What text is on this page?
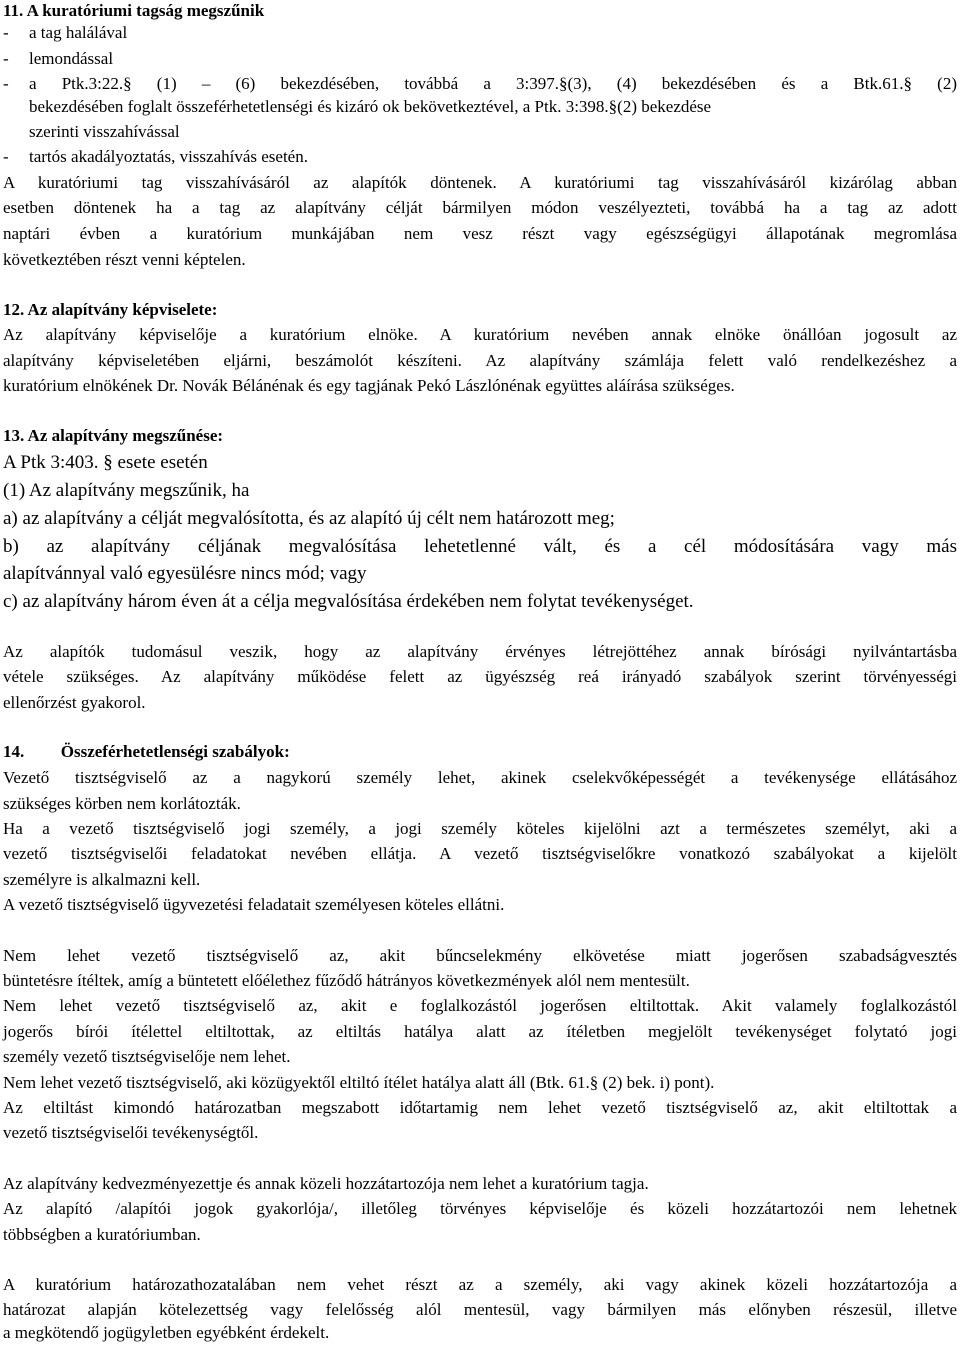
11. A kuratóriumi tagság megszűnik
- a tag halálával
- lemondással
- a Ptk.3:22.§ (1) – (6) bekezdésében, továbbá a 3:397.§(3), (4) bekezdésében és a Btk.61.§ (2)
bekezdésében foglalt összeférhetetlenségi és kizáró ok bekövetkeztével, a Ptk. 3:398.§(2) bekezdése
szerinti visszahívással
- tartós akadályoztatás, visszahívás esetén.
A kuratóriumi tag visszahívásáról az alapítók döntenek. A kuratóriumi tag visszahívásáról kizárólag abban
esetben döntenek ha a tag az alapítvány célját bármilyen módon veszélyezteti, továbbá ha a tag az adott
naptári évben a kuratórium munkájában nem vesz részt vagy egészségügyi állapotának megromlása
következtében részt venni képtelen.
12. Az alapítvány képviselete:
Az alapítvány képviselője a kuratórium elnöke. A kuratórium nevében annak elnöke önállóan jogosult az
alapítvány képviseletében eljárni, beszámolót készíteni. Az alapítvány számlája felett való rendelkezéshez a
kuratórium elnökének Dr. Novák Bélánénak és egy tagjának Pekó Lászlónénak együttes aláírása szükséges.
13. Az alapítvány megszűnése:
A Ptk 3:403. § esete esetén
(1) Az alapítvány megszűnik, ha
a) az alapítvány a célját megvalósította, és az alapító új célt nem határozott meg;
b) az alapítvány céljának megvalósítása lehetetlenné vált, és a cél módosítására vagy más
alapítvánnyal való egyesülésre nincs mód; vagy
c) az alapítvány három éven át a célja megvalósítása érdekében nem folytat tevékenységet.
Az alapítók tudomásul veszik, hogy az alapítvány érvényes létrejöttéhez annak bírósági nyilvántartásba
vétele szükséges. Az alapítvány működése felett az ügyészség reá irányadó szabályok szerint törvényességi
ellenőrzést gyakorol.
14. Összeférhetetlenségi szabályok:
Vezető tisztségviselő az a nagykorú személy lehet, akinek cselekvőképességét a tevékenysége ellátásához
szükséges körben nem korlátozták.
Ha a vezető tisztségviselő jogi személy, a jogi személy köteles kijelölni azt a természetes személyt, aki a
vezető tisztségviselői feladatokat nevében ellátja. A vezető tisztségviselőkre vonatkozó szabályokat a kijelölt
személyre is alkalmazni kell.
A vezető tisztségviselő ügyvezetési feladatait személyesen köteles ellátni.
Nem lehet vezető tisztségviselő az, akit bűncselekmény elkövetése miatt jogerősen szabadságvesztés
büntetésre ítéltek, amíg a büntetett előélethez fűződő hátrányos következmények alól nem mentesült.
Nem lehet vezető tisztségviselő az, akit e foglalkozástól jogerősen eltiltottak. Akit valamely foglalkozástól
jogerős bírói ítélettel eltiltottak, az eltiltás hatálya alatt az ítéletben megjelölt tevékenységet folytató jogi
személy vezető tisztségviselője nem lehet.
Nem lehet vezető tisztségviselő, aki közügyektől eltiltó ítélet hatálya alatt áll (Btk. 61.§ (2) bek. i) pont).
Az eltiltást kimondó határozatban megszabott időtartamig nem lehet vezető tisztségviselő az, akit eltiltottak a
vezető tisztségviselői tevékenységtől.
Az alapítvány kedvezményezettje és annak közeli hozzátartozója nem lehet a kuratórium tagja.
Az alapító /alapítói jogok gyakorlója/, illetőleg törvényes képviselője és közeli hozzátartozói nem lehetnek
többségben a kuratóriumban.
A kuratórium határozathozatalában nem vehet részt az a személy, aki vagy akinek közeli hozzátartozója a
határozat alapján kötelezettség vagy felelősség alól mentesül, vagy bármilyen más előnyben részesül, illetve
a megkötendő jogügyletben egyébként érdekelt.
